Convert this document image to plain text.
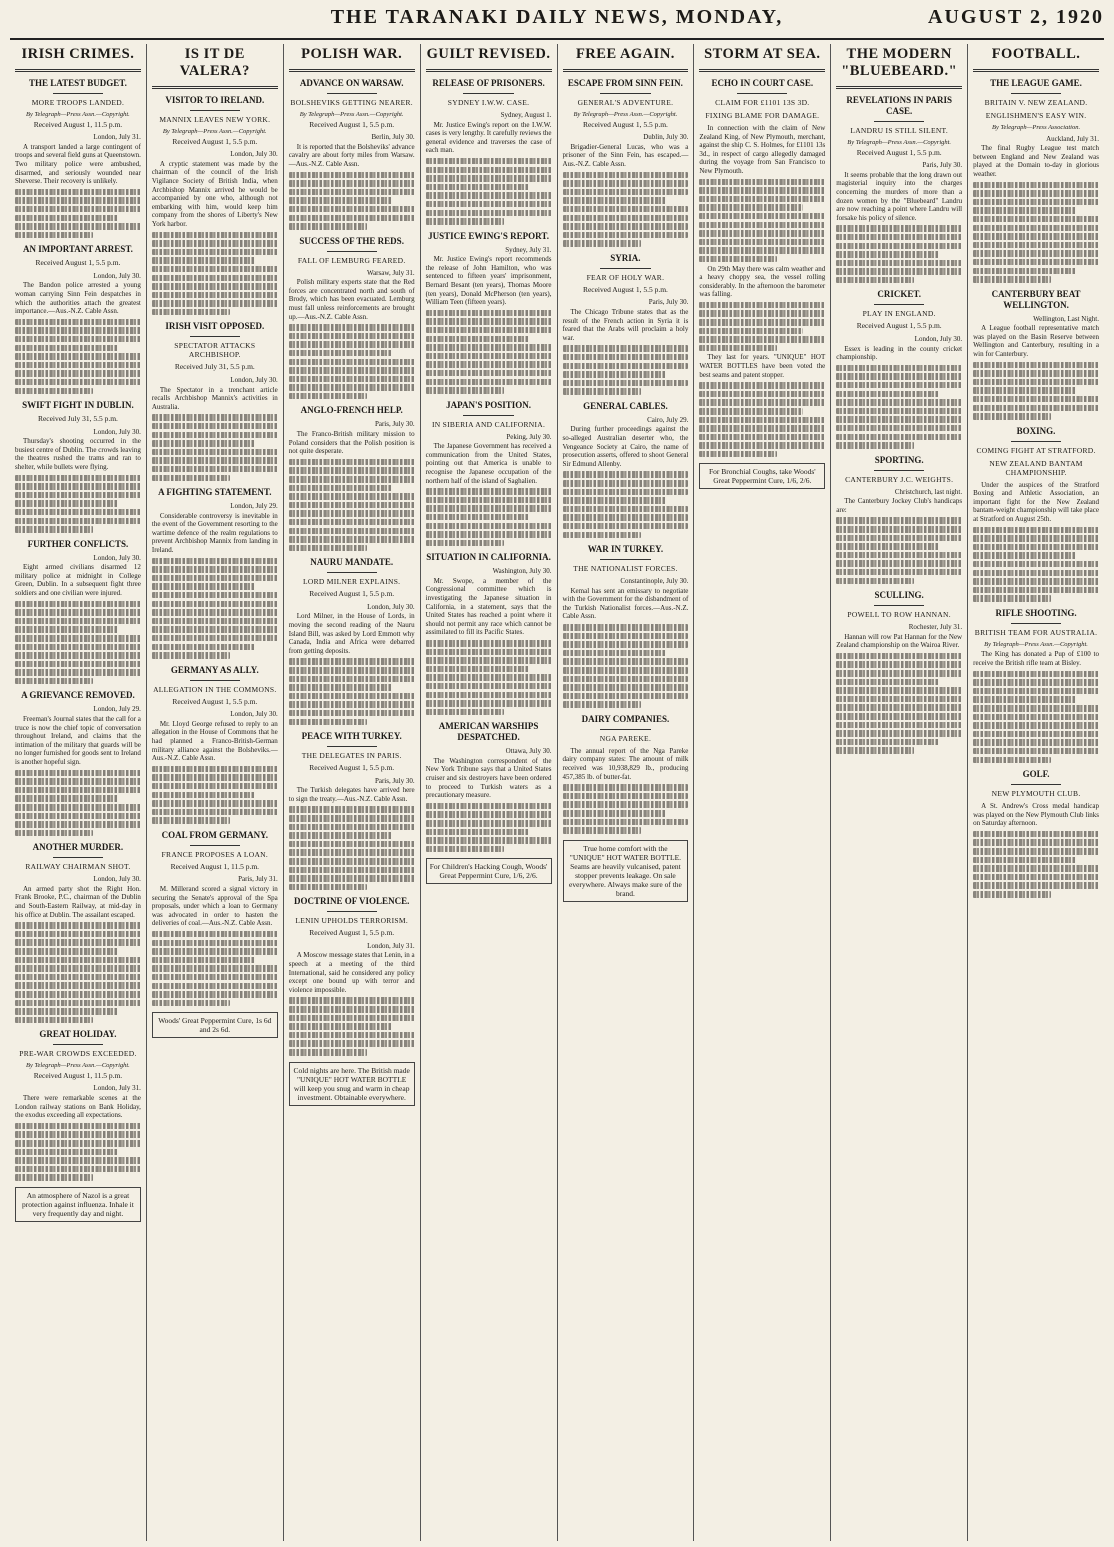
THE TARANAKI DAILY NEWS, MONDAY,	AUGUST 2, 1920
IRISH CRIMES.
THE LATEST BUDGET.
MORE TROOPS LANDED.
By Telegraph—Press Assn.—Copyright.
Received August 1, 11.5 p.m.
London, July 31.

A transport landed a large contingent of troops and several field guns at Queenstown. Two military police were ambushed, disarmed, and seriously wounded near Sheverse. Their recovery is unlikely.

AN IMPORTANT ARREST.
Received August 1, 5.5 p.m.
London, July 30.

The Bandon police arrested a young woman carrying Sinn Fein despatches in which the authorities attach the greatest importance.—Aus.-N.Z. Cable Assn.

SWIFT FIGHT IN DUBLIN.
Received July 31, 5.5 p.m.
London, July 30.

Thursday's shooting occurred in the busiest centre of Dublin. The crowds leaving the theatres rushed the trams and ran to shelter, while bullets were flying.

FURTHER CONFLICTS.
London, July 30.

Eight armed civilians disarmed 12 military police at midnight in College Green, Dublin. In a subsequent fight three soldiers and one civilian were injured.

A GRIEVANCE REMOVED.
London, July 29.

Freeman's Journal states that the call for a truce is now the chief topic of conversation throughout Ireland, and claims that the intimation of the military that guards will be no longer furnished for goods sent to Ireland is another hopeful sign.

ANOTHER MURDER.
RAILWAY CHAIRMAN SHOT.
London, July 30.

An armed party shot the Right Hon. Frank Brooke, P.C., chairman of the Dublin and South-Eastern Railway, at mid-day in his office at Dublin. The assailant escaped.

GREAT HOLIDAY.
PRE-WAR CROWDS EXCEEDED.
By Telegraph—Press Assn.—Copyright.
Received August 1, 11.5 p.m.
London, July 31.

There were remarkable scenes at the London railway stations on Bank Holiday, the exodus exceeding all expectations.

An atmosphere of Nazol is a great protection against influenza. Inhale it very frequently day and night.
IS IT DE VALERA?
VISITOR TO IRELAND.
MANNIX LEAVES NEW YORK.
By Telegraph—Press Assn.—Copyright.
Received August 1, 5.5 p.m.
London, July 30.

A cryptic statement was made by the chairman of the council of the Irish Vigilance Society of British India, when Archbishop Mannix arrived he would be accompanied by one who, although not embarking with him, would keep him company from the shores of Liberty's New York harbor.

IRISH VISIT OPPOSED.
SPECTATOR ATTACKS ARCHBISHOP.
Received July 31, 5.5 p.m.
London, July 30.

The Spectator in a trenchant article recalls Archbishop Mannix's activities in Australia.

A FIGHTING STATEMENT.
London, July 29.

Considerable controversy is inevitable in the event of the Government resorting to the wartime defence of the realm regulations to prevent Archbishop Mannix from landing in Ireland.

GERMANY AS ALLY.
ALLEGATION IN THE COMMONS.
Received August 1, 5.5 p.m.
London, July 30.

Mr. Lloyd George refused to reply to an allegation in the House of Commons that he had planned a Franco-British-German military alliance against the Bolsheviks.—Aus.-N.Z. Cable Assn.

COAL FROM GERMANY.
FRANCE PROPOSES A LOAN.
Received August 1, 11.5 p.m.
Paris, July 31.

M. Millerand scored a signal victory in securing the Senate's approval of the Spa proposals, under which a loan to Germany was advocated in order to hasten the deliveries of coal.—Aus.-N.Z. Cable Assn.

Woods' Great Peppermint Cure, 1s 6d and 2s 6d.
POLISH WAR.
ADVANCE ON WARSAW.
BOLSHEVIKS GETTING NEARER.
By Telegraph—Press Assn.—Copyright.
Received August 1, 5.5 p.m.
Berlin, July 30.

It is reported that the Bolsheviks' advance cavalry are about forty miles from Warsaw.—Aus.-N.Z. Cable Assn.

SUCCESS OF THE REDS.
FALL OF LEMBURG FEARED.
Warsaw, July 31.

Polish military experts state that the Red forces are concentrated north and south of Brody, which has been evacuated. Lemburg must fall unless reinforcements are brought up.—Aus.-N.Z. Cable Assn.

ANGLO-FRENCH HELP.
Paris, July 30.

The Franco-British military mission to Poland considers that the Polish position is not quite desperate.

NAURU MANDATE.
LORD MILNER EXPLAINS.
Received August 1, 5.5 p.m.
London, July 30.

Lord Milner, in the House of Lords, in moving the second reading of the Nauru Island Bill, was asked by Lord Emmott why Canada, India and Africa were debarred from getting deposits.

PEACE WITH TURKEY.
THE DELEGATES IN PARIS.
Received August 1, 5.5 p.m.
Paris, July 30.

The Turkish delegates have arrived here to sign the treaty.—Aus.-N.Z. Cable Assn.

DOCTRINE OF VIOLENCE.
LENIN UPHOLDS TERRORISM.
Received August 1, 5.5 p.m.
London, July 31.

A Moscow message states that Lenin, in a speech at a meeting of the third International, said he considered any policy except one bound up with terror and violence impossible.

Cold nights are here. The British made "UNIQUE" HOT WATER BOTTLE will keep you snug and warm in cheap investment. Obtainable everywhere.
GUILT REVISED.
RELEASE OF PRISONERS.
SYDNEY I.W.W. CASE.
Sydney, August 1.

Mr. Justice Ewing's report on the I.W.W. cases is very lengthy. It carefully reviews the general evidence and traverses the case of each man.

JUSTICE EWING'S REPORT.
Sydney, July 31.

Mr. Justice Ewing's report recommends the release of John Hamilton, who was sentenced to fifteen years' imprisonment, Bernard Besant (ten years), Thomas Moore (ten years), Donald McPherson (ten years), William Teen (fifteen years).

JAPAN'S POSITION.
IN SIBERIA AND CALIFORNIA.
Peking, July 30.

The Japanese Government has received a communication from the United States, pointing out that America is unable to recognise the Japanese occupation of the northern half of the island of Saghalien.

SITUATION IN CALIFORNIA.
Washington, July 30.

Mr. Swope, a member of the Congressional committee which is investigating the Japanese situation in California, in a statement, says that the United States has reached a point where it should not permit any race which cannot be assimilated to fill its Pacific States.

AMERICAN WARSHIPS DESPATCHED.
Ottawa, July 30.

The Washington correspondent of the New York Tribune says that a United States cruiser and six destroyers have been ordered to proceed to Turkish waters as a precautionary measure.

For Children's Hacking Cough, Woods' Great Peppermint Cure, 1/6, 2/6.
FREE AGAIN.
ESCAPE FROM SINN FEIN.
GENERAL'S ADVENTURE.
By Telegraph—Press Assn.—Copyright.
Received August 1, 5.5 p.m.
Dublin, July 30.

Brigadier-General Lucas, who was a prisoner of the Sinn Fein, has escaped.—Aus.-N.Z. Cable Assn.

SYRIA.
FEAR OF HOLY WAR.
Received August 1, 5.5 p.m.
Paris, July 30.

The Chicago Tribune states that as the result of the French action in Syria it is feared that the Arabs will proclaim a holy war.

GENERAL CABLES.
Cairo, July 29.

During further proceedings against the so-alleged Australian deserter who, the Vengeance Society at Cairo, the name of prosecution asserts, offered to shoot General Sir Edmund Allenby.

WAR IN TURKEY.
THE NATIONALIST FORCES.
Constantinople, July 30.

Kemal has sent an emissary to negotiate with the Government for the disbandment of the Turkish Nationalist forces.—Aus.-N.Z. Cable Assn.

DAIRY COMPANIES.
NGA PAREKE.

The annual report of the Nga Pareke dairy company states: The amount of milk received was 10,938,829 lb., producing 457,385 lb. of butter-fat.

True home comfort with the "UNIQUE" HOT WATER BOTTLE. Seams are heavily vulcanised, patent stopper prevents leakage. On sale everywhere. Always make sure of the brand.
STORM AT SEA.
ECHO IN COURT CASE.
CLAIM FOR £1101 13S 3D.
FIXING BLAME FOR DAMAGE.

In connection with the claim of New Zealand King, of New Plymouth, merchant, against the ship C. S. Holmes, for £1101 13s 3d., in respect of cargo allegedly damaged during the voyage from San Francisco to New Plymouth.

On 29th May there was calm weather and a heavy choppy sea, the vessel rolling considerably. In the afternoon the barometer was falling.

They last for years. "UNIQUE" HOT WATER BOTTLES have been voted the best seams and patent stopper.

For Bronchial Coughs, take Woods' Great Peppermint Cure, 1/6, 2/6.
THE MODERN "BLUEBEARD."
REVELATIONS IN PARIS CASE.
LANDRU IS STILL SILENT.
By Telegraph—Press Assn.—Copyright.
Received August 1, 5.5 p.m.
Paris, July 30.

It seems probable that the long drawn out magisterial inquiry into the charges concerning the murders of more than a dozen women by the "Bluebeard" Landru are now reaching a point where Landru will forsake his policy of silence.

CRICKET.
PLAY IN ENGLAND.
Received August 1, 5.5 p.m.
London, July 30.

Essex is leading in the county cricket championship.

SPORTING.
CANTERBURY J.C. WEIGHTS.
Christchurch, last night.

The Canterbury Jockey Club's handicaps are:

SCULLING.
POWELL TO ROW HANNAN.
Rochester, July 31.

Hannan will row Pat Hannan for the New Zealand championship on the Wairoa River.

FOOTBALL.
THE LEAGUE GAME.
BRITAIN V. NEW ZEALAND.
ENGLISHMEN'S EASY WIN.
By Telegraph—Press Association.
Auckland, July 31.

The final Rugby League test match between England and New Zealand was played at the Domain to-day in glorious weather.

CANTERBURY BEAT WELLINGTON.
Wellington, Last Night.

A League football representative match was played on the Basin Reserve between Wellington and Canterbury, resulting in a win for Canterbury.

BOXING.
COMING FIGHT AT STRATFORD.
NEW ZEALAND BANTAM CHAMPIONSHIP.

Under the auspices of the Stratford Boxing and Athletic Association, an important fight for the New Zealand bantam-weight championship will take place at Stratford on August 25th.

RIFLE SHOOTING.
BRITISH TEAM FOR AUSTRALIA.
By Telegraph—Press Assn.—Copyright.

The King has donated a Pup of £100 to receive the British rifle team at Bisley.

GOLF.
NEW PLYMOUTH CLUB.

A St. Andrew's Cross medal handicap was played on the New Plymouth Club links on Saturday afternoon.
